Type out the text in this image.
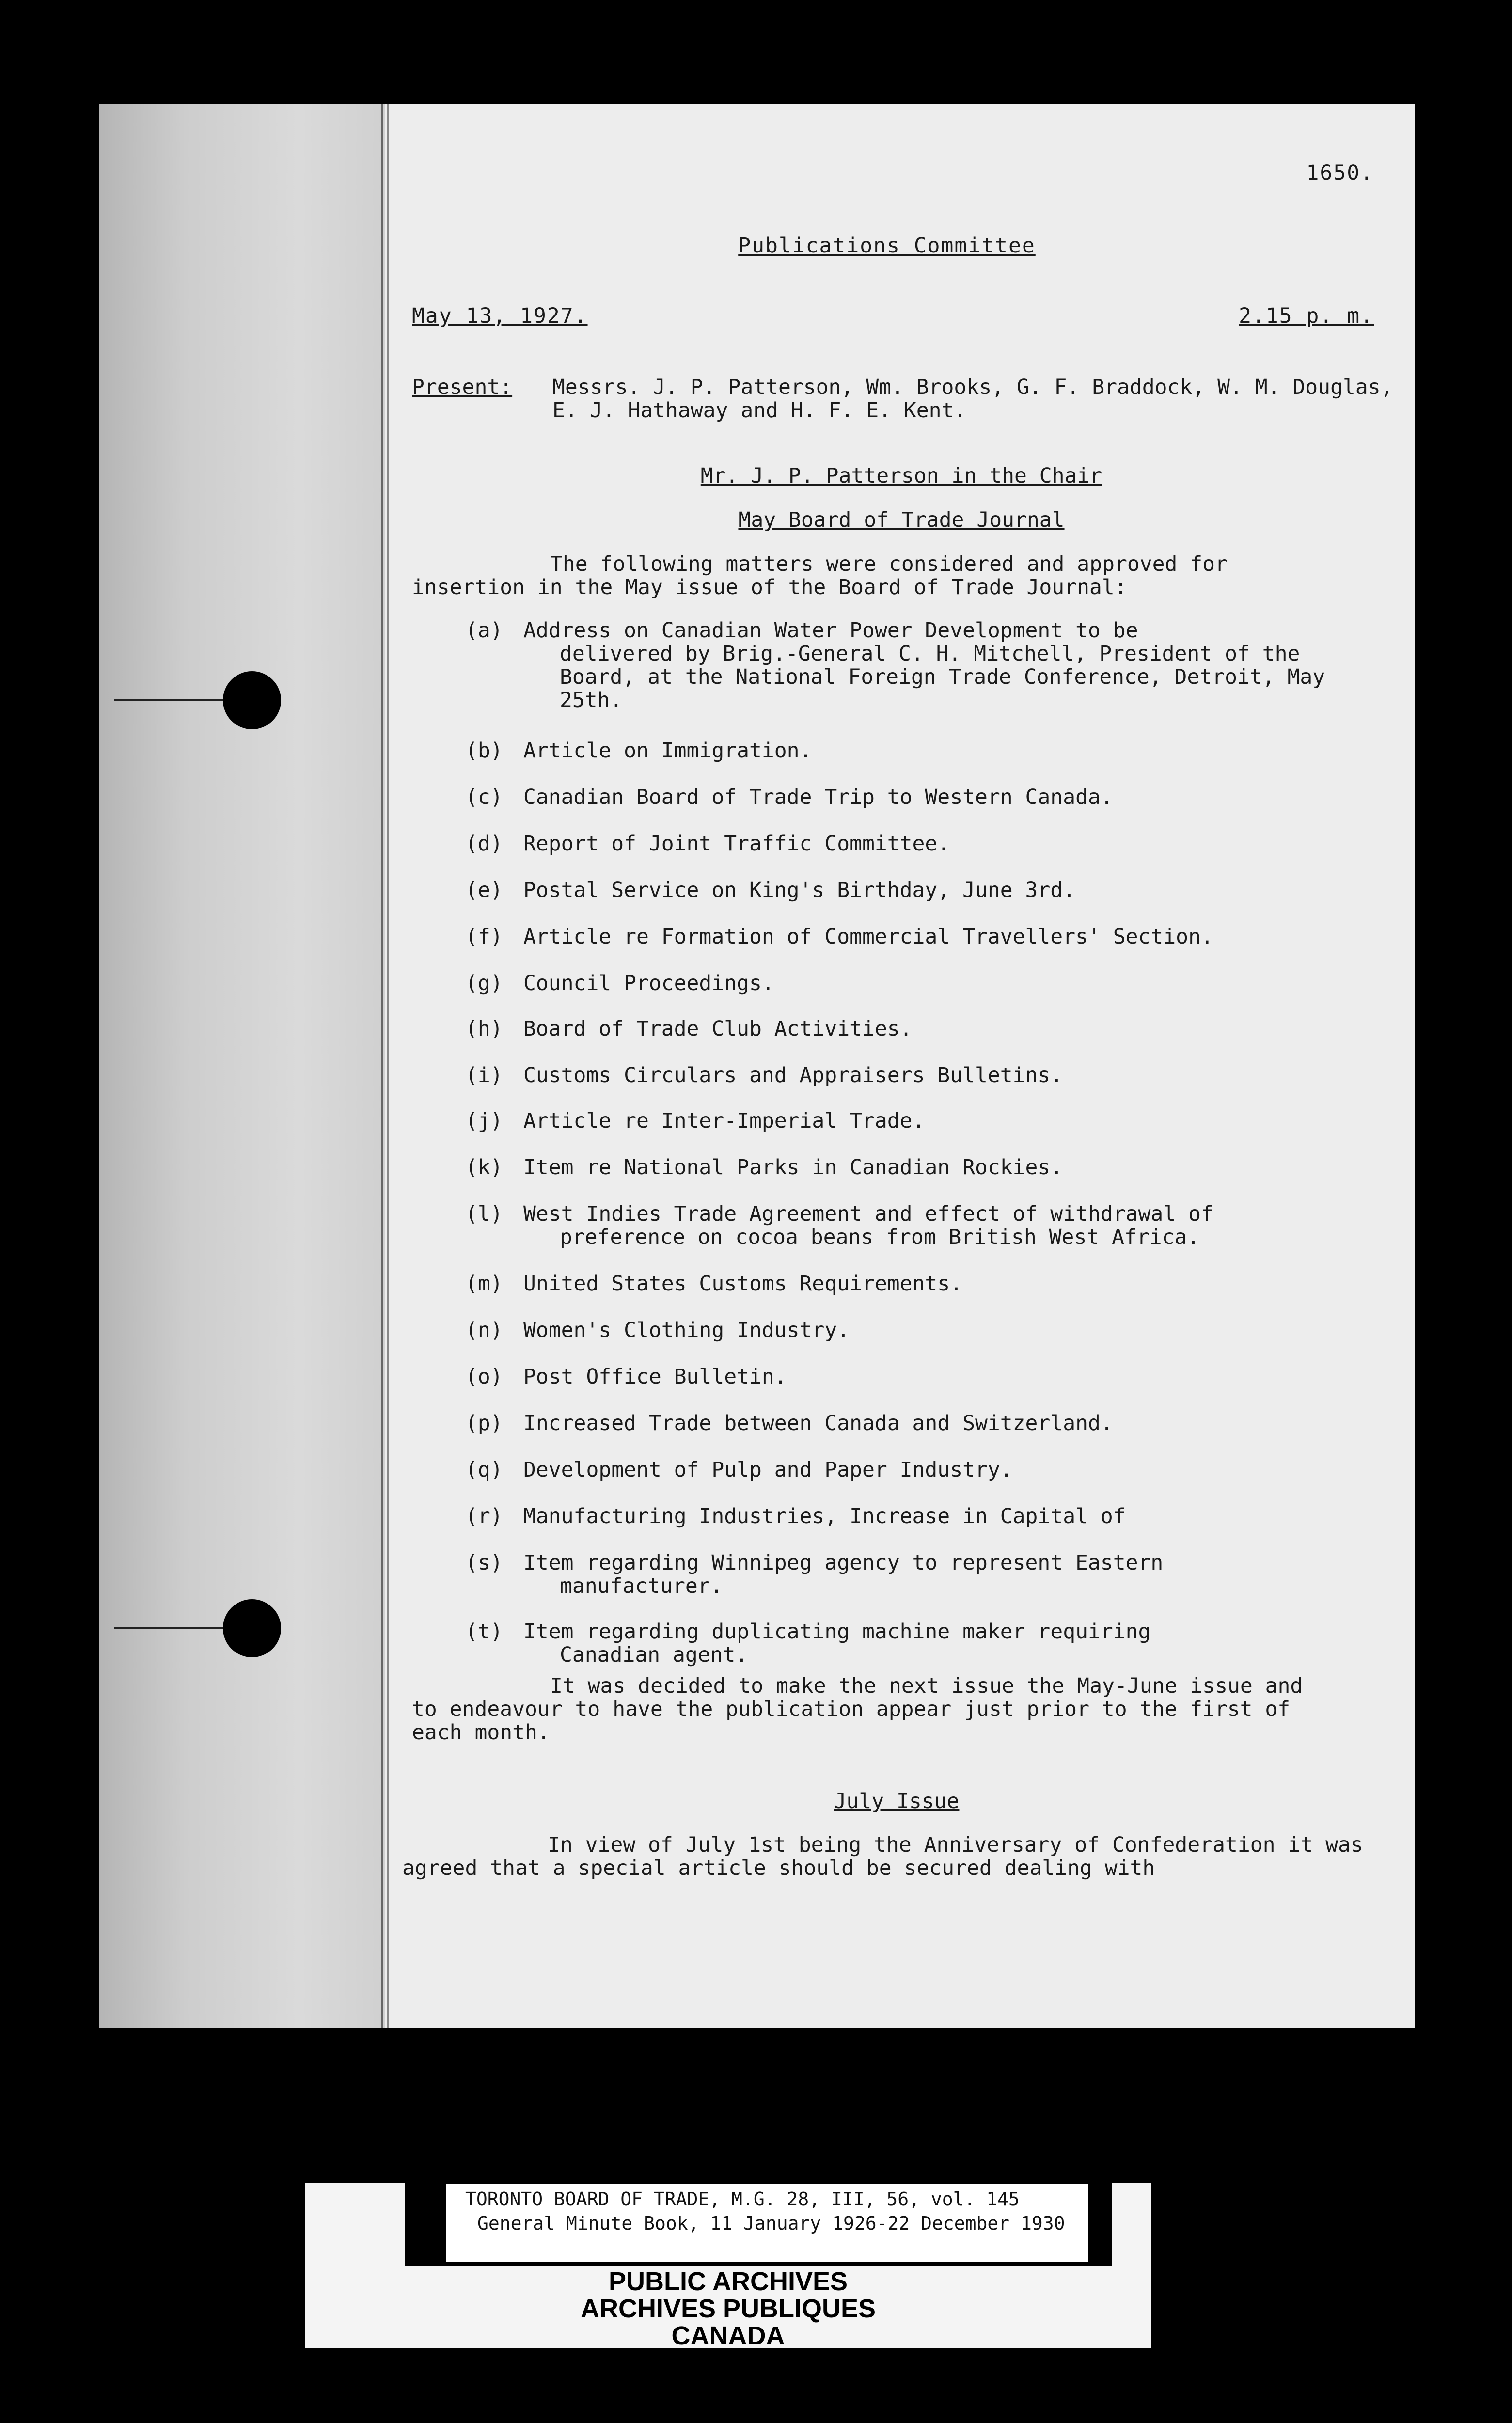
1650.
Publications Committee
May 13, 1927.	2.15 p. m.
Present: Messrs. J. P. Patterson, Wm. Brooks, G. F. Braddock, W. M. Douglas, E. J. Hathaway and H. F. E. Kent.
Mr. J. P. Patterson in the Chair
May Board of Trade Journal
The following matters were considered and approved for insertion in the May issue of the Board of Trade Journal:
(a) Address on Canadian Water Power Development to be
delivered by Brig.-General C. H. Mitchell, President of the Board, at the National Foreign Trade Conference, Detroit, May 25th.
(b) Article on Immigration.
(c) Canadian Board of Trade Trip to Western Canada.
(d) Report of Joint Traffic Committee.
(e) Postal Service on King's Birthday, June 3rd.
(f) Article re Formation of Commercial Travellers' Section.
(g) Council Proceedings.
(h) Board of Trade Club Activities.
(i) Customs Circulars and Appraisers Bulletins.
(j) Article re Inter-Imperial Trade.
(k) Item re National Parks in Canadian Rockies.
(l) West Indies Trade Agreement and effect of withdrawal of
preference on cocoa beans from British West Africa.
(m) United States Customs Requirements.
(n) Women's Clothing Industry.
(o) Post Office Bulletin.
(p) Increased Trade between Canada and Switzerland.
(q) Development of Pulp and Paper Industry.
(r) Manufacturing Industries, Increase in Capital of
(s) Item regarding Winnipeg agency to represent Eastern
manufacturer.
(t) Item regarding duplicating machine maker requiring
Canadian agent.
It was decided to make the next issue the May-June issue and to endeavour to have the publication appear just prior to the first of each month.
July Issue
In view of July 1st being the Anniversary of Confederation it was agreed that a special article should be secured dealing with
TORONTO BOARD OF TRADE, M.G. 28, III, 56, vol. 145
General Minute Book, 11 January 1926-22 December 1930
PUBLIC ARCHIVES
ARCHIVES PUBLIQUES
CANADA
